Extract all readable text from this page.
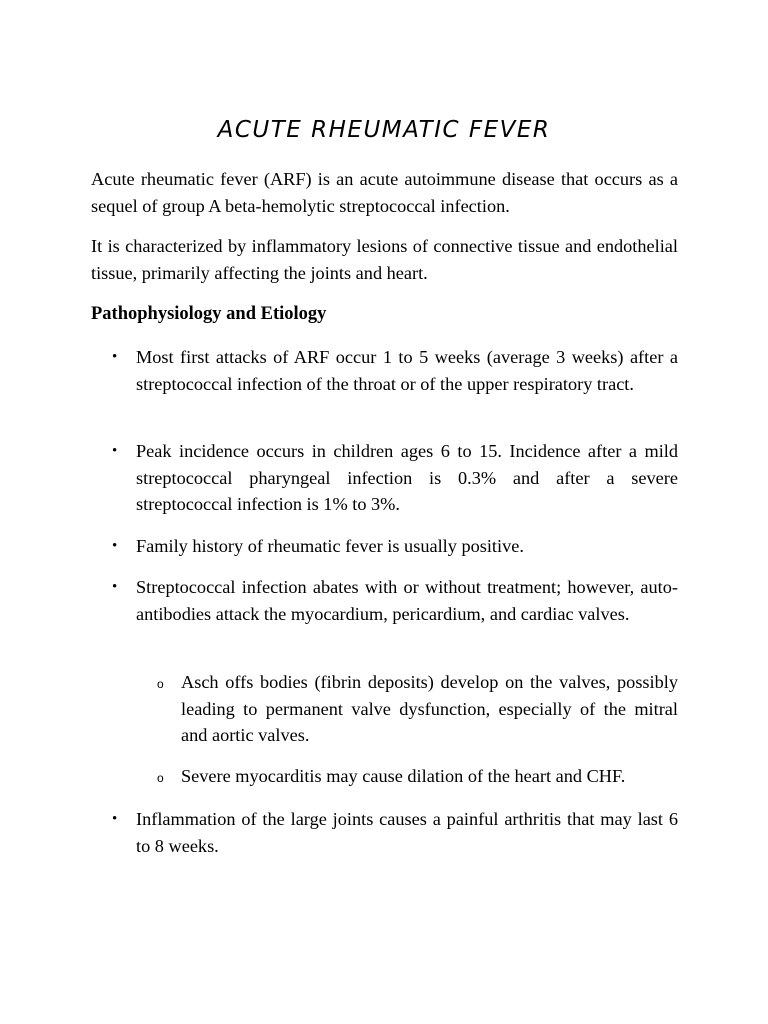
ACUTE RHEUMATIC FEVER

Acute rheumatic fever (ARF) is an acute autoimmune disease that occurs as a sequel of group A beta-hemolytic streptococcal infection.

It is characterized by inflammatory lesions of connective tissue and endothelial tissue, primarily affecting the joints and heart.

Pathophysiology and Etiology
• Most first attacks of ARF occur 1 to 5 weeks (average 3 weeks) after a streptococcal infection of the throat or of the upper respiratory tract.
• Peak incidence occurs in children ages 6 to 15. Incidence after a mild streptococcal pharyngeal infection is 0.3% and after a severe streptococcal infection is 1% to 3%.
• Family history of rheumatic fever is usually positive.
• Streptococcal infection abates with or without treatment; however, auto-antibodies attack the myocardium, pericardium, and cardiac valves.
o Asch offs bodies (fibrin deposits) develop on the valves, possibly leading to permanent valve dysfunction, especially of the mitral and aortic valves.
o Severe myocarditis may cause dilation of the heart and CHF.
• Inflammation of the large joints causes a painful arthritis that may last 6 to 8 weeks.
